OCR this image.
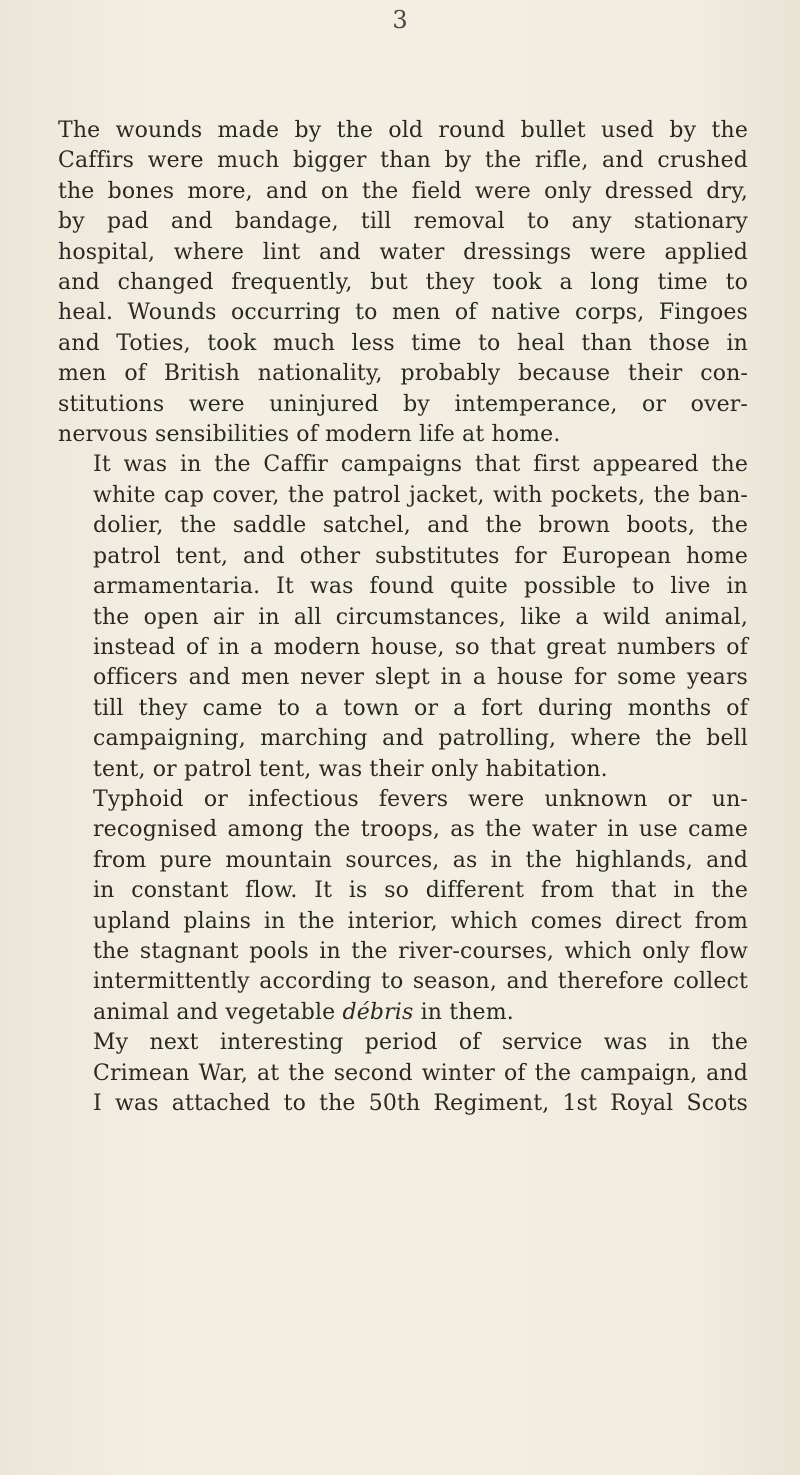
3

The wounds made by the old round bullet used by the
Caffirs were much bigger than by the rifle, and crushed
the bones more, and on the field were only dressed dry,
by pad and bandage, till removal to any stationary
hospital, where lint and water dressings were applied
and changed frequently, but they took a long time to
heal. Wounds occurring to men of native corps, Fingoes
and Toties, took much less time to heal than those in
men of British nationality, probably because their con-
stitutions were uninjured by intemperance, or over-
nervous sensibilities of modern life at home.

It was in the Caffir campaigns that first appeared the
white cap cover, the patrol jacket, with pockets, the ban-
dolier, the saddle satchel, and the brown boots, the
patrol tent, and other substitutes for European home
armamentaria. It was found quite possible to live in
the open air in all circumstances, like a wild animal,
instead of in a modern house, so that great numbers of
officers and men never slept in a house for some years
till they came to a town or a fort during months of
campaigning, marching and patrolling, where the bell
tent, or patrol tent, was their only habitation.

Typhoid or infectious fevers were unknown or un-
recognised among the troops, as the water in use came
from pure mountain sources, as in the highlands, and
in constant flow. It is so different from that in the
upland plains in the interior, which comes direct from
the stagnant pools in the river-courses, which only flow
intermittently according to season, and therefore collect
animal and vegetable débris in them.

My next interesting period of service was in the
Crimean War, at the second winter of the campaign, and
I was attached to the 50th Regiment, 1st Royal Scots
